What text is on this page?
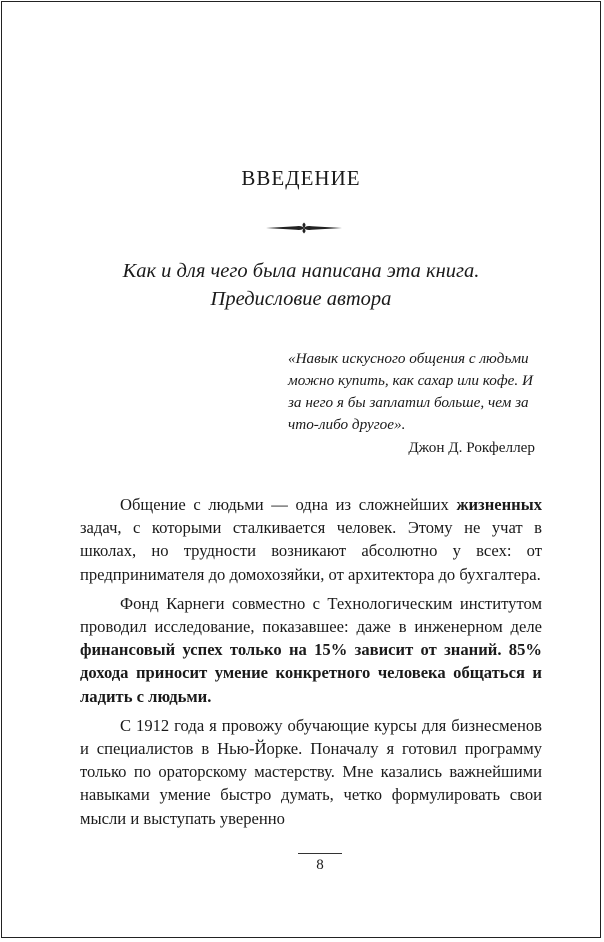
ВВЕДЕНИЕ
Как и для чего была написана эта книга.
Предисловие автора
«Навык искусного общения с людьми можно купить, как сахар или кофе. И за него я бы заплатил больше, чем за что-либо другое».
Джон Д. Рокфеллер

Общение с людьми — одна из сложнейших жизненных задач, с которыми сталкивается человек. Этому не учат в школах, но трудности возникают абсолютно у всех: от предпринимателя до домохозяйки, от архитектора до бухгалтера.

Фонд Карнеги совместно с Технологическим институтом проводил исследование, показавшее: даже в инженерном деле финансовый успех только на 15% зависит от знаний. 85% дохода приносит умение конкретного человека общаться и ладить с людьми.

С 1912 года я провожу обучающие курсы для бизнесменов и специалистов в Нью-Йорке. Поначалу я готовил программу только по ораторскому мастерству. Мне казались важнейшими навыками умение быстро думать, четко формулировать свои мысли и выступать уверенно

8
